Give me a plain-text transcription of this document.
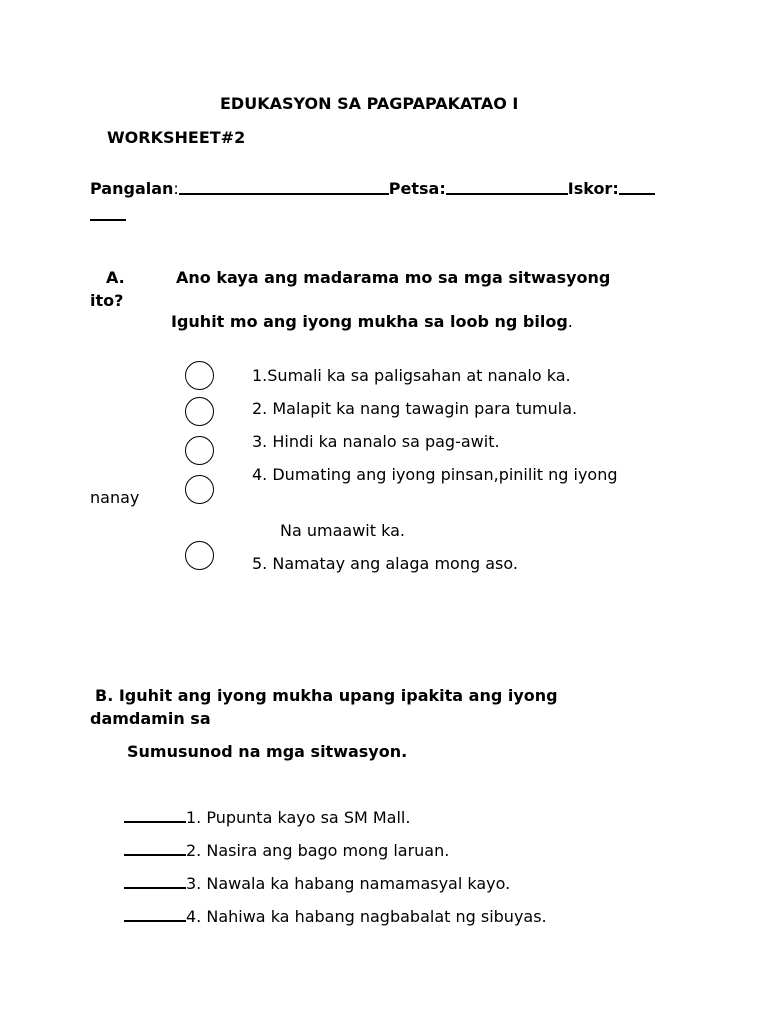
EDUKASYON SA PAGPAPAKATAO I
WORKSHEET#2
Pangalan:	Petsa:	Iskor:
A.	Ano kaya ang madarama mo sa mga sitwasyong
ito?
Iguhit mo ang iyong mukha sa loob ng bilog.
1.Sumali ka sa paligsahan at nanalo ka.
2. Malapit ka nang tawagin para tumula.
3. Hindi ka nanalo sa pag-awit.
4. Dumating ang iyong pinsan,pinilit ng iyong
nanay
Na umaawit ka.
5. Namatay ang alaga mong aso.
B. Iguhit ang iyong mukha upang ipakita ang iyong
damdamin sa
Sumusunod na mga sitwasyon.
1. Pupunta kayo sa SM Mall.
2. Nasira ang bago mong laruan.
3. Nawala ka habang namamasyal kayo.
4. Nahiwa ka habang nagbabalat ng sibuyas.
